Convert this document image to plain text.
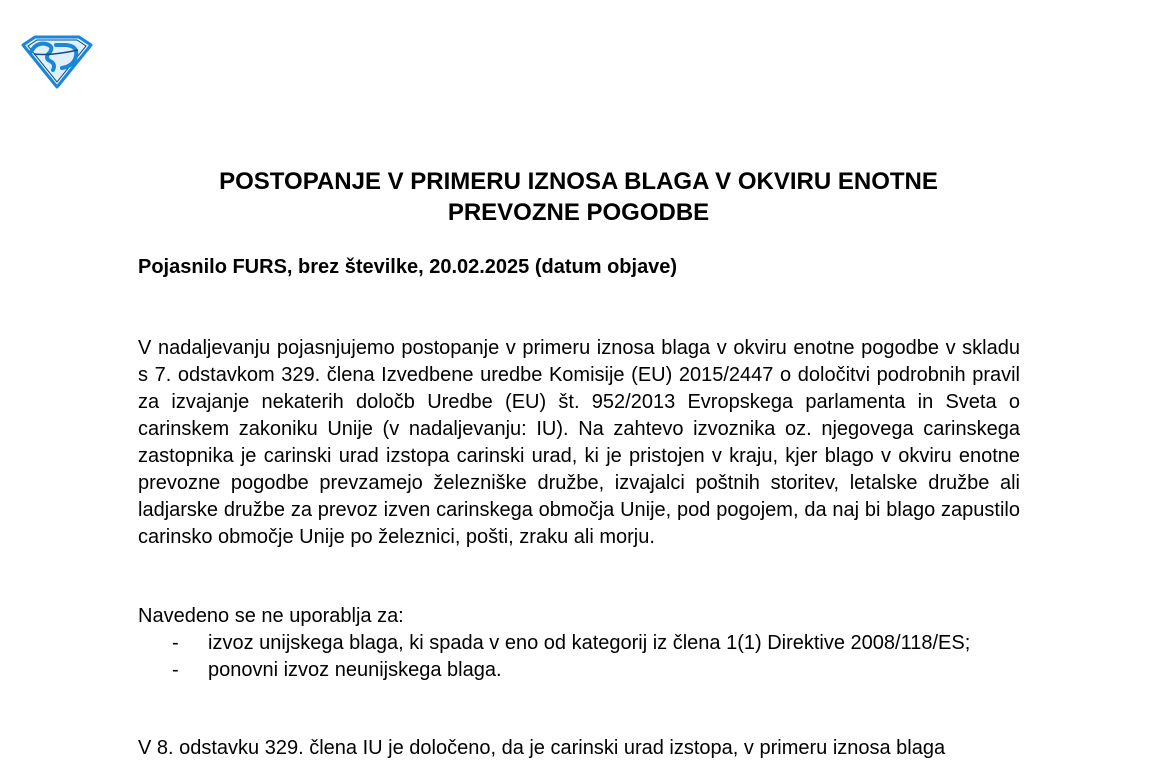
POSTOPANJE V PRIMERU IZNOSA BLAGA V OKVIRU ENOTNE
PREVOZNE POGODBE

Pojasnilo FURS, brez številke, 20.02.2025 (datum objave)

V nadaljevanju pojasnjujemo postopanje v primeru iznosa blaga v okviru enotne pogodbe v skladu s 7. odstavkom 329. člena Izvedbene uredbe Komisije (EU) 2015/2447 o določitvi podrobnih pravil za izvajanje nekaterih določb Uredbe (EU) št. 952/2013 Evropskega parlamenta in Sveta o carinskem zakoniku Unije (v nadaljevanju: IU). Na zahtevo izvoznika oz. njegovega carinskega zastopnika je carinski urad izstopa carinski urad, ki je pristojen v kraju, kjer blago v okviru enotne prevozne pogodbe prevzamejo železniške družbe, izvajalci poštnih storitev, letalske družbe ali ladjarske družbe za prevoz izven carinskega območja Unije, pod pogojem, da naj bi blago zapustilo carinsko območje Unije po železnici, pošti, zraku ali morju.

Navedeno se ne uporablja za:

- izvoz unijskega blaga, ki spada v eno od kategorij iz člena 1(1) Direktive 2008/118/ES;
- ponovni izvoz neunijskega blaga.

V 8. odstavku 329. člena IU je določeno, da je carinski urad izstopa, v primeru iznosa blaga
